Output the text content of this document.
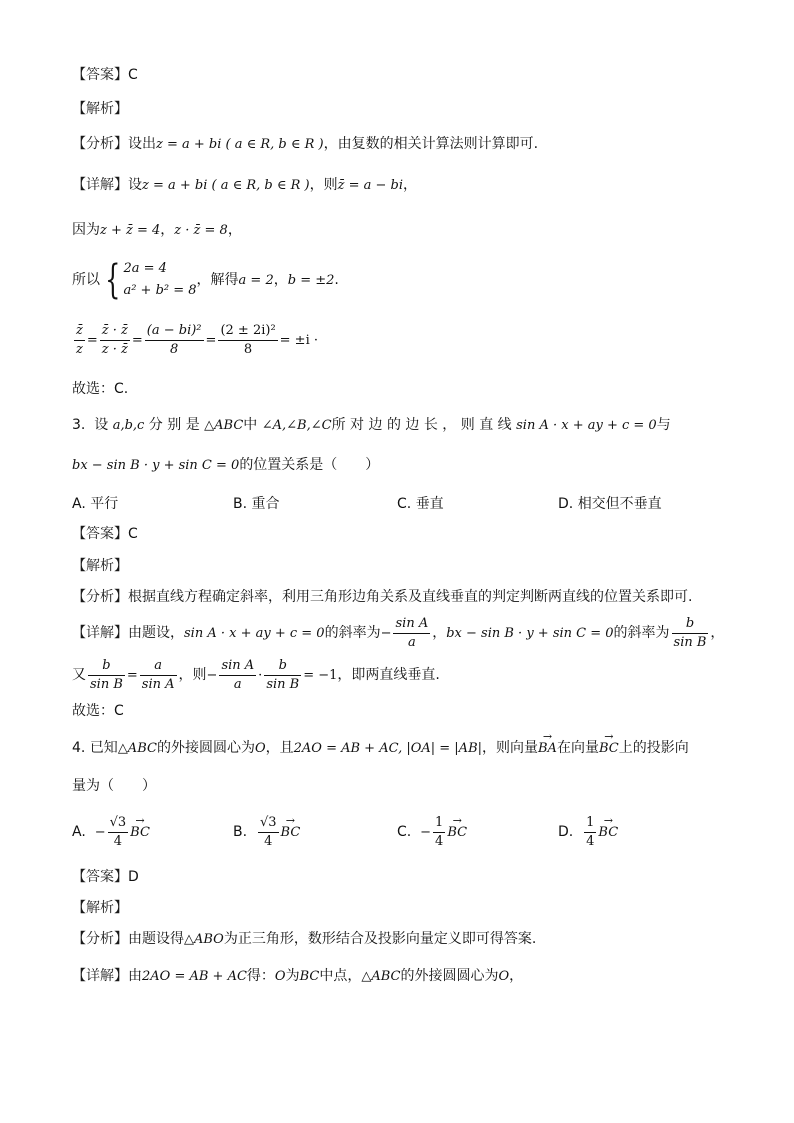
【答案】C
【解析】
【分析】设出z = a + bi ( a ∈ R, b ∈ R )，由复数的相关计算法则计算即可.
【详解】设z = a + bi ( a ∈ R, b ∈ R )，则z̄ = a − bi，
因为z + z̄ = 4，z · z̄ = 8，
所以 { 2a = 4
a² + b² = 8
，解得a = 2，b = ±2.
$\frac{z̄}{z} = \frac{z̄ \cdot z̄}{z \cdot z̄} = \frac{\text{(a − bi)²}}{8} = \frac{\text{(2 ± 2i)²}}{8} = \pm i$ ·
故选：C.
3. 设 a,b,c 分 别 是 △ABC中 ∠A,∠B,∠C所 对 边 的 边 长 ， 则 直 线 sin A · x + ay + c = 0与
bx − sin B · y + sin C = 0的位置关系是（　　）
A. 平行	B. 重合	C. 垂直	D. 相交但不垂直
【答案】C
【解析】
【分析】根据直线方程确定斜率，利用三角形边角关系及直线垂直的判定判断两直线的位置关系即可.
【详解】由题设，sin A · x + ay + c = 0的斜率为− $\frac{\text{sin A}}{a}$ ，bx − sin B · y + sin C = 0的斜率为 $\frac{b}{\text{sin B}}$ ，
又 $\frac{b}{\text{sin B}} = \frac{a}{\text{sin A}}$ ，则− $\frac{\text{sin A}}{a} \cdot \frac{b}{\text{sin B}} = -1$，即两直线垂直.
故选：C
4. 已知△ABC的外接圆圆心为O，且2AO = AB + AC, |OA| = |AB|，则向量→ BA在向量→ BC上的投影向
量为（　　）
A. − $\frac{√3}{4}$ → BC	B. $\frac{√3}{4}$ → BC	C. − $\frac{1}{4}$ → BC	D. $\frac{1}{4}$ → BC
【答案】D
【解析】
【分析】由题设得△ABO为正三角形，数形结合及投影向量定义即可得答案.
【详解】由2AO = AB + AC得：O为BC中点，△ABC的外接圆圆心为O，
